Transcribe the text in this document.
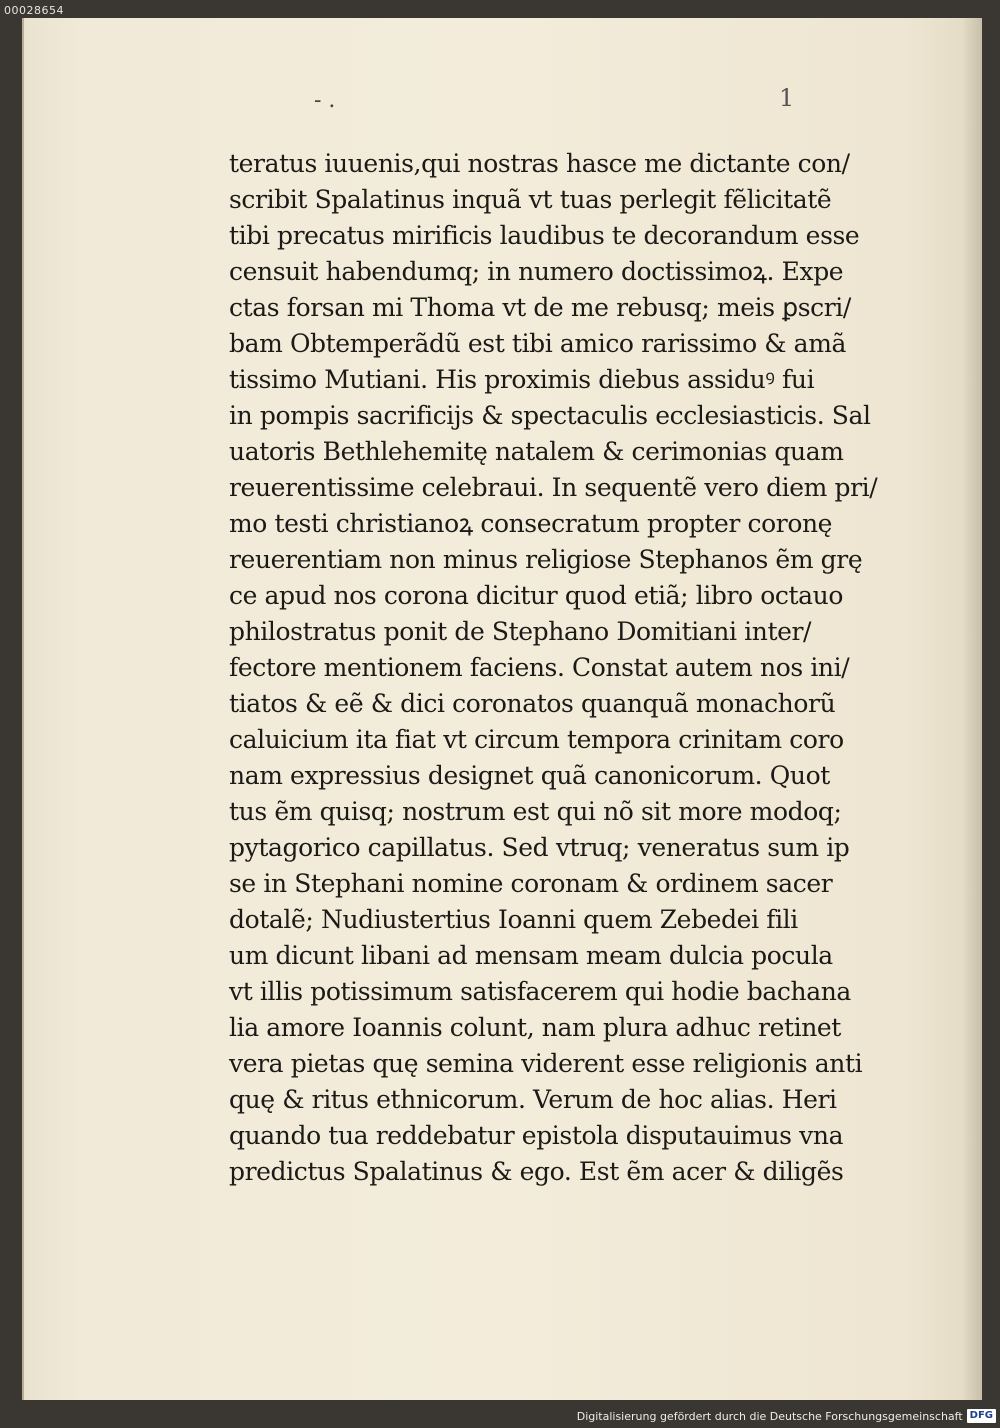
00028654
- .	1
teratus iuuenis,qui nostras hasce me dictante con/
scribit Spalatinus inquã vt tuas perlegit fẽlicitatẽ
tibi precatus mirificis laudibus te decorandum esse
censuit habendumq; in numero doctissimoꝝ. Expe
ctas forsan mi Thoma vt de me rebusq; meis ꝑscri/
bam Obtemperãdũ est tibi amico rarissimo & amã
tissimo Mutiani. His proximis diebus assiduꝰ fui
in pompis sacrificijs & spectaculis ecclesiasticis. Sal
uatoris Bethlehemitę natalem & cerimonias quam
reuerentissime celebraui. In sequentẽ vero diem pri/
mo testi christianoꝝ consecratum propter coronę
reuerentiam non minus religiose Stephanos ẽm grę
ce apud nos corona dicitur quod etiã; libro octauo
philostratus ponit de Stephano Domitiani inter/
fectore mentionem faciens. Constat autem nos ini/
tiatos & eẽ & dici coronatos quanquã monachorũ
caluicium ita fiat vt circum tempora crinitam coro
nam expressius designet quã canonicorum. Quot
tus ẽm quisq; nostrum est qui nõ sit more modoq;
pytagorico capillatus. Sed vtruq; veneratus sum ip
se in Stephani nomine coronam & ordinem sacer
dotalẽ; Nudiustertius Ioanni quem Zebedei fili
um dicunt libani ad mensam meam dulcia pocula
vt illis potissimum satisfacerem qui hodie bachana
lia amore Ioannis colunt, nam plura adhuc retinet
vera pietas quę semina viderent esse religionis anti
quę & ritus ethnicorum. Verum de hoc alias. Heri
quando tua reddebatur epistola disputauimus vna
predictus Spalatinus & ego. Est ẽm acer & diligẽs
Digitalisierung gefördert durch die Deutsche Forschungsgemeinschaft DFG
